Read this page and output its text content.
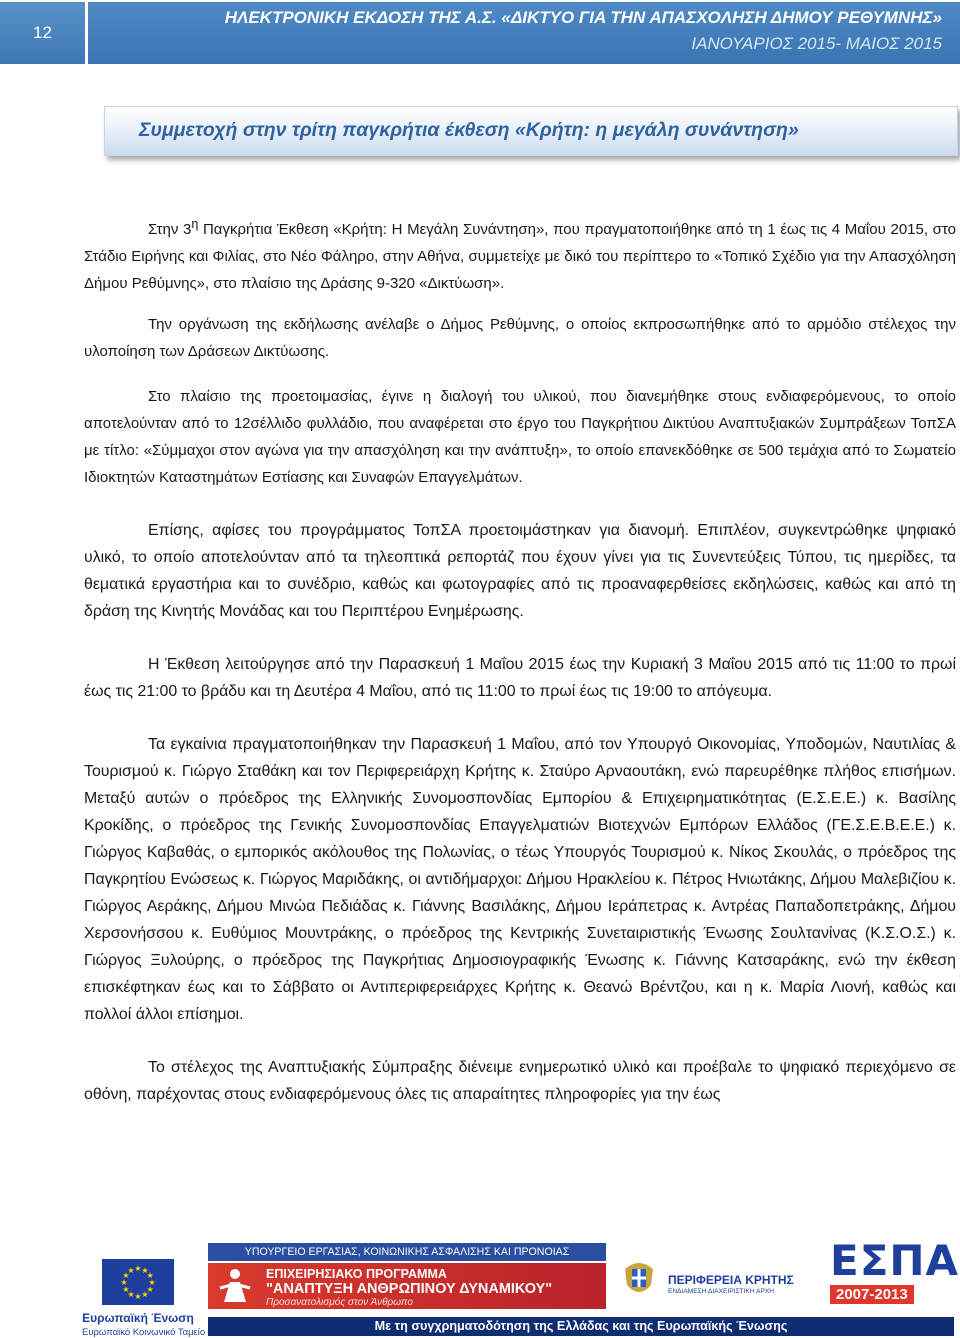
12
ΗΛΕΚΤΡΟΝΙΚΗ ΕΚΔΟΣΗ ΤΗΣ Α.Σ. «ΔΙΚΤΥΟ ΓΙΑ ΤΗΝ ΑΠΑΣΧΟΛΗΣΗ ΔΗΜΟΥ ΡΕΘΥΜΝΗΣ»
ΙΑΝΟΥΑΡΙΟΣ 2015- ΜΑΙΟΣ 2015
Συμμετοχή στην τρίτη παγκρήτια έκθεση «Κρήτη: η μεγάλη συνάντηση»

Στην $3^\eta$ Παγκρήτια Έκθεση «Κρήτη: Η Μεγάλη Συνάντηση», που πραγματοποιήθηκε από τη 1 έως τις 4 Μαΐου 2015, στο Στάδιο Ειρήνης και Φιλίας, στο Νέο Φάληρο, στην Αθήνα, συμμετείχε με δικό του περίπτερο το «Τοπικό Σχέδιο για την Απασχόληση Δήμου Ρεθύμνης», στο πλαίσιο της Δράσης 9-320 «Δικτύωση».

Την οργάνωση της εκδήλωσης ανέλαβε ο Δήμος Ρεθύμνης, ο οποίος εκπροσωπήθηκε από το αρμόδιο στέλεχος την υλοποίηση των Δράσεων Δικτύωσης.

Στο πλαίσιο της προετοιμασίας, έγινε η διαλογή του υλικού, που διανεμήθηκε στους ενδιαφερόμενους, το οποίο αποτελούνταν από το 12σέλλιδο φυλλάδιο, που αναφέρεται στο έργο του Παγκρήτιου Δικτύου Αναπτυξιακών Συμπράξεων ΤοπΣΑ με τίτλο: «Σύμμαχοι στον αγώνα για την απασχόληση και την ανάπτυξη», το οποίο επανεκδόθηκε σε 500 τεμάχια από το Σωματείο Ιδιοκτητών Καταστημάτων Εστίασης και Συναφών Επαγγελμάτων.

Επίσης, αφίσες του προγράμματος ΤοπΣΑ προετοιμάστηκαν για διανομή. Επιπλέον, συγκεντρώθηκε ψηφιακό υλικό, το οποίο αποτελούνταν από τα τηλεοπτικά ρεπορτάζ που έχουν γίνει για τις Συνεντεύξεις Τύπου, τις ημερίδες, τα θεματικά εργαστήρια και το συνέδριο, καθώς και φωτογραφίες από τις προαναφερθείσες εκδηλώσεις, καθώς και από τη δράση της Κινητής Μονάδας και του Περιπτέρου Ενημέρωσης.

Η Έκθεση λειτούργησε από την Παρασκευή 1 Μαΐου 2015 έως την Κυριακή 3 Μαΐου 2015 από τις 11:00 το πρωί έως τις 21:00 το βράδυ και τη Δευτέρα 4 Μαΐου, από τις 11:00 το πρωί έως τις 19:00 το απόγευμα.

Τα εγκαίνια πραγματοποιήθηκαν την Παρασκευή 1 Μαΐου, από τον Υπουργό Οικονομίας, Υποδομών, Ναυτιλίας & Τουρισμού κ. Γιώργο Σταθάκη και τον Περιφερειάρχη Κρήτης κ. Σταύρο Αρναουτάκη, ενώ παρευρέθηκε πλήθος επισήμων. Μεταξύ αυτών ο πρόεδρος της Ελληνικής Συνομοσπονδίας Εμπορίου & Επιχειρηματικότητας (Ε.Σ.Ε.Ε.) κ. Βασίλης Κροκίδης, ο πρόεδρος της Γενικής Συνομοσπονδίας Επαγγελματιών Βιοτεχνών Εμπόρων Ελλάδος (ΓΕ.Σ.Ε.Β.Ε.Ε.) κ. Γιώργος Καβαθάς, ο εμπορικός ακόλουθος της Πολωνίας, ο τέως Υπουργός Τουρισμού κ. Νίκος Σκουλάς, ο πρόεδρος της Παγκρητίου Ενώσεως κ. Γιώργος Μαριδάκης, οι αντιδήμαρχοι: Δήμου Ηρακλείου κ. Πέτρος Ηνιωτάκης, Δήμου Μαλεβιζίου κ. Γιώργος Αεράκης, Δήμου Μινώα Πεδιάδας κ. Γιάννης Βασιλάκης, Δήμου Ιεράπετρας κ. Αντρέας Παπαδοπετράκης, Δήμου Χερσονήσσου κ. Ευθύμιος Μουντράκης, ο πρόεδρος της Κεντρικής Συνεταιριστικής Ένωσης Σουλτανίνας (Κ.Σ.Ο.Σ.) κ. Γιώργος Ξυλούρης, ο πρόεδρος της Παγκρήτιας Δημοσιογραφικής Ένωσης κ. Γιάννης Κατσαράκης, ενώ την έκθεση επισκέφτηκαν έως και το Σάββατο οι Αντιπεριφερειάρχες Κρήτης κ. Θεανώ Βρέντζου, και η κ. Μαρία Λιονή, καθώς και πολλοί άλλοι επίσημοι.

Το στέλεχος της Αναπτυξιακής Σύμπραξης διένειμε ενημερωτικό υλικό και προέβαλε το ψηφιακό περιεχόμενο σε οθόνη, παρέχοντας στους ενδιαφερόμενους όλες τις απαραίτητες πληροφορίες για την έως

★ ★
★
★
★
★
★
★
★
★
★
★
Ευρωπαϊκή Ένωση
Ευρωπαϊκό Κοινωνικό Ταμείο
ΥΠΟΥΡΓΕΙΟ ΕΡΓΑΣΙΑΣ, ΚΟΙΝΩΝΙΚΗΣ ΑΣΦΑΛΙΣΗΣ ΚΑΙ ΠΡΟΝΟΙΑΣ
ΕΠΙΧΕΙΡΗΣΙΑΚΟ ΠΡΟΓΡΑΜΜΑ
"ΑΝΑΠΤΥΞΗ ΑΝΘΡΩΠΙΝΟΥ ΔΥΝΑΜΙΚΟΥ"
Προσανατολισμός στον Άνθρωπο
ΠΕΡΙΦΕΡΕΙΑ ΚΡΗΤΗΣ
ΕΝΔΙΑΜΕΣΗ ΔΙΑΧΕΙΡΙΣΤΙΚΗ ΑΡΧΗ
ΕΣΠΑ
2007-2013
Με τη συγχρηματοδότηση της Ελλάδας και της Ευρωπαϊκής Ένωσης
